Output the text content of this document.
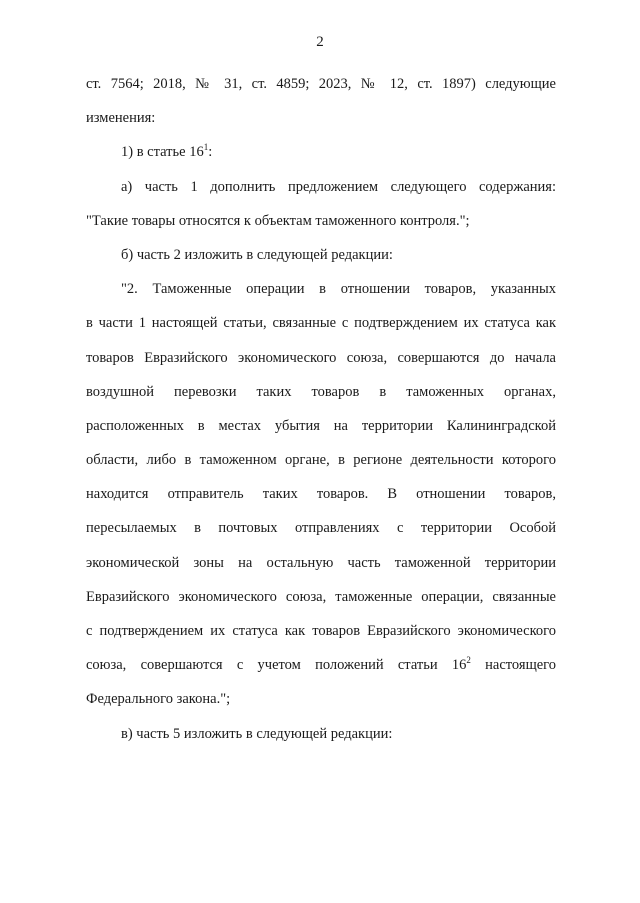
2
ст. 7564; 2018, № 31, ст. 4859; 2023, № 12, ст. 1897) следующие
изменения:
1) в статье $16^1$:
а) часть 1 дополнить предложением следующего содержания:
"Такие товары относятся к объектам таможенного контроля.";
б) часть 2 изложить в следующей редакции:
"2. Таможенные операции в отношении товаров, указанных
в части 1 настоящей статьи, связанные с подтверждением их статуса как
товаров Евразийского экономического союза, совершаются до начала
воздушной перевозки таких товаров в таможенных органах,
расположенных в местах убытия на территории Калининградской
области, либо в таможенном органе, в регионе деятельности которого
находится отправитель таких товаров. В отношении товаров,
пересылаемых в почтовых отправлениях с территории Особой
экономической зоны на остальную часть таможенной территории
Евразийского экономического союза, таможенные операции, связанные
с подтверждением их статуса как товаров Евразийского экономического
союза, совершаются с учетом положений статьи $16^2$ настоящего
Федерального закона.";
в) часть 5 изложить в следующей редакции:
